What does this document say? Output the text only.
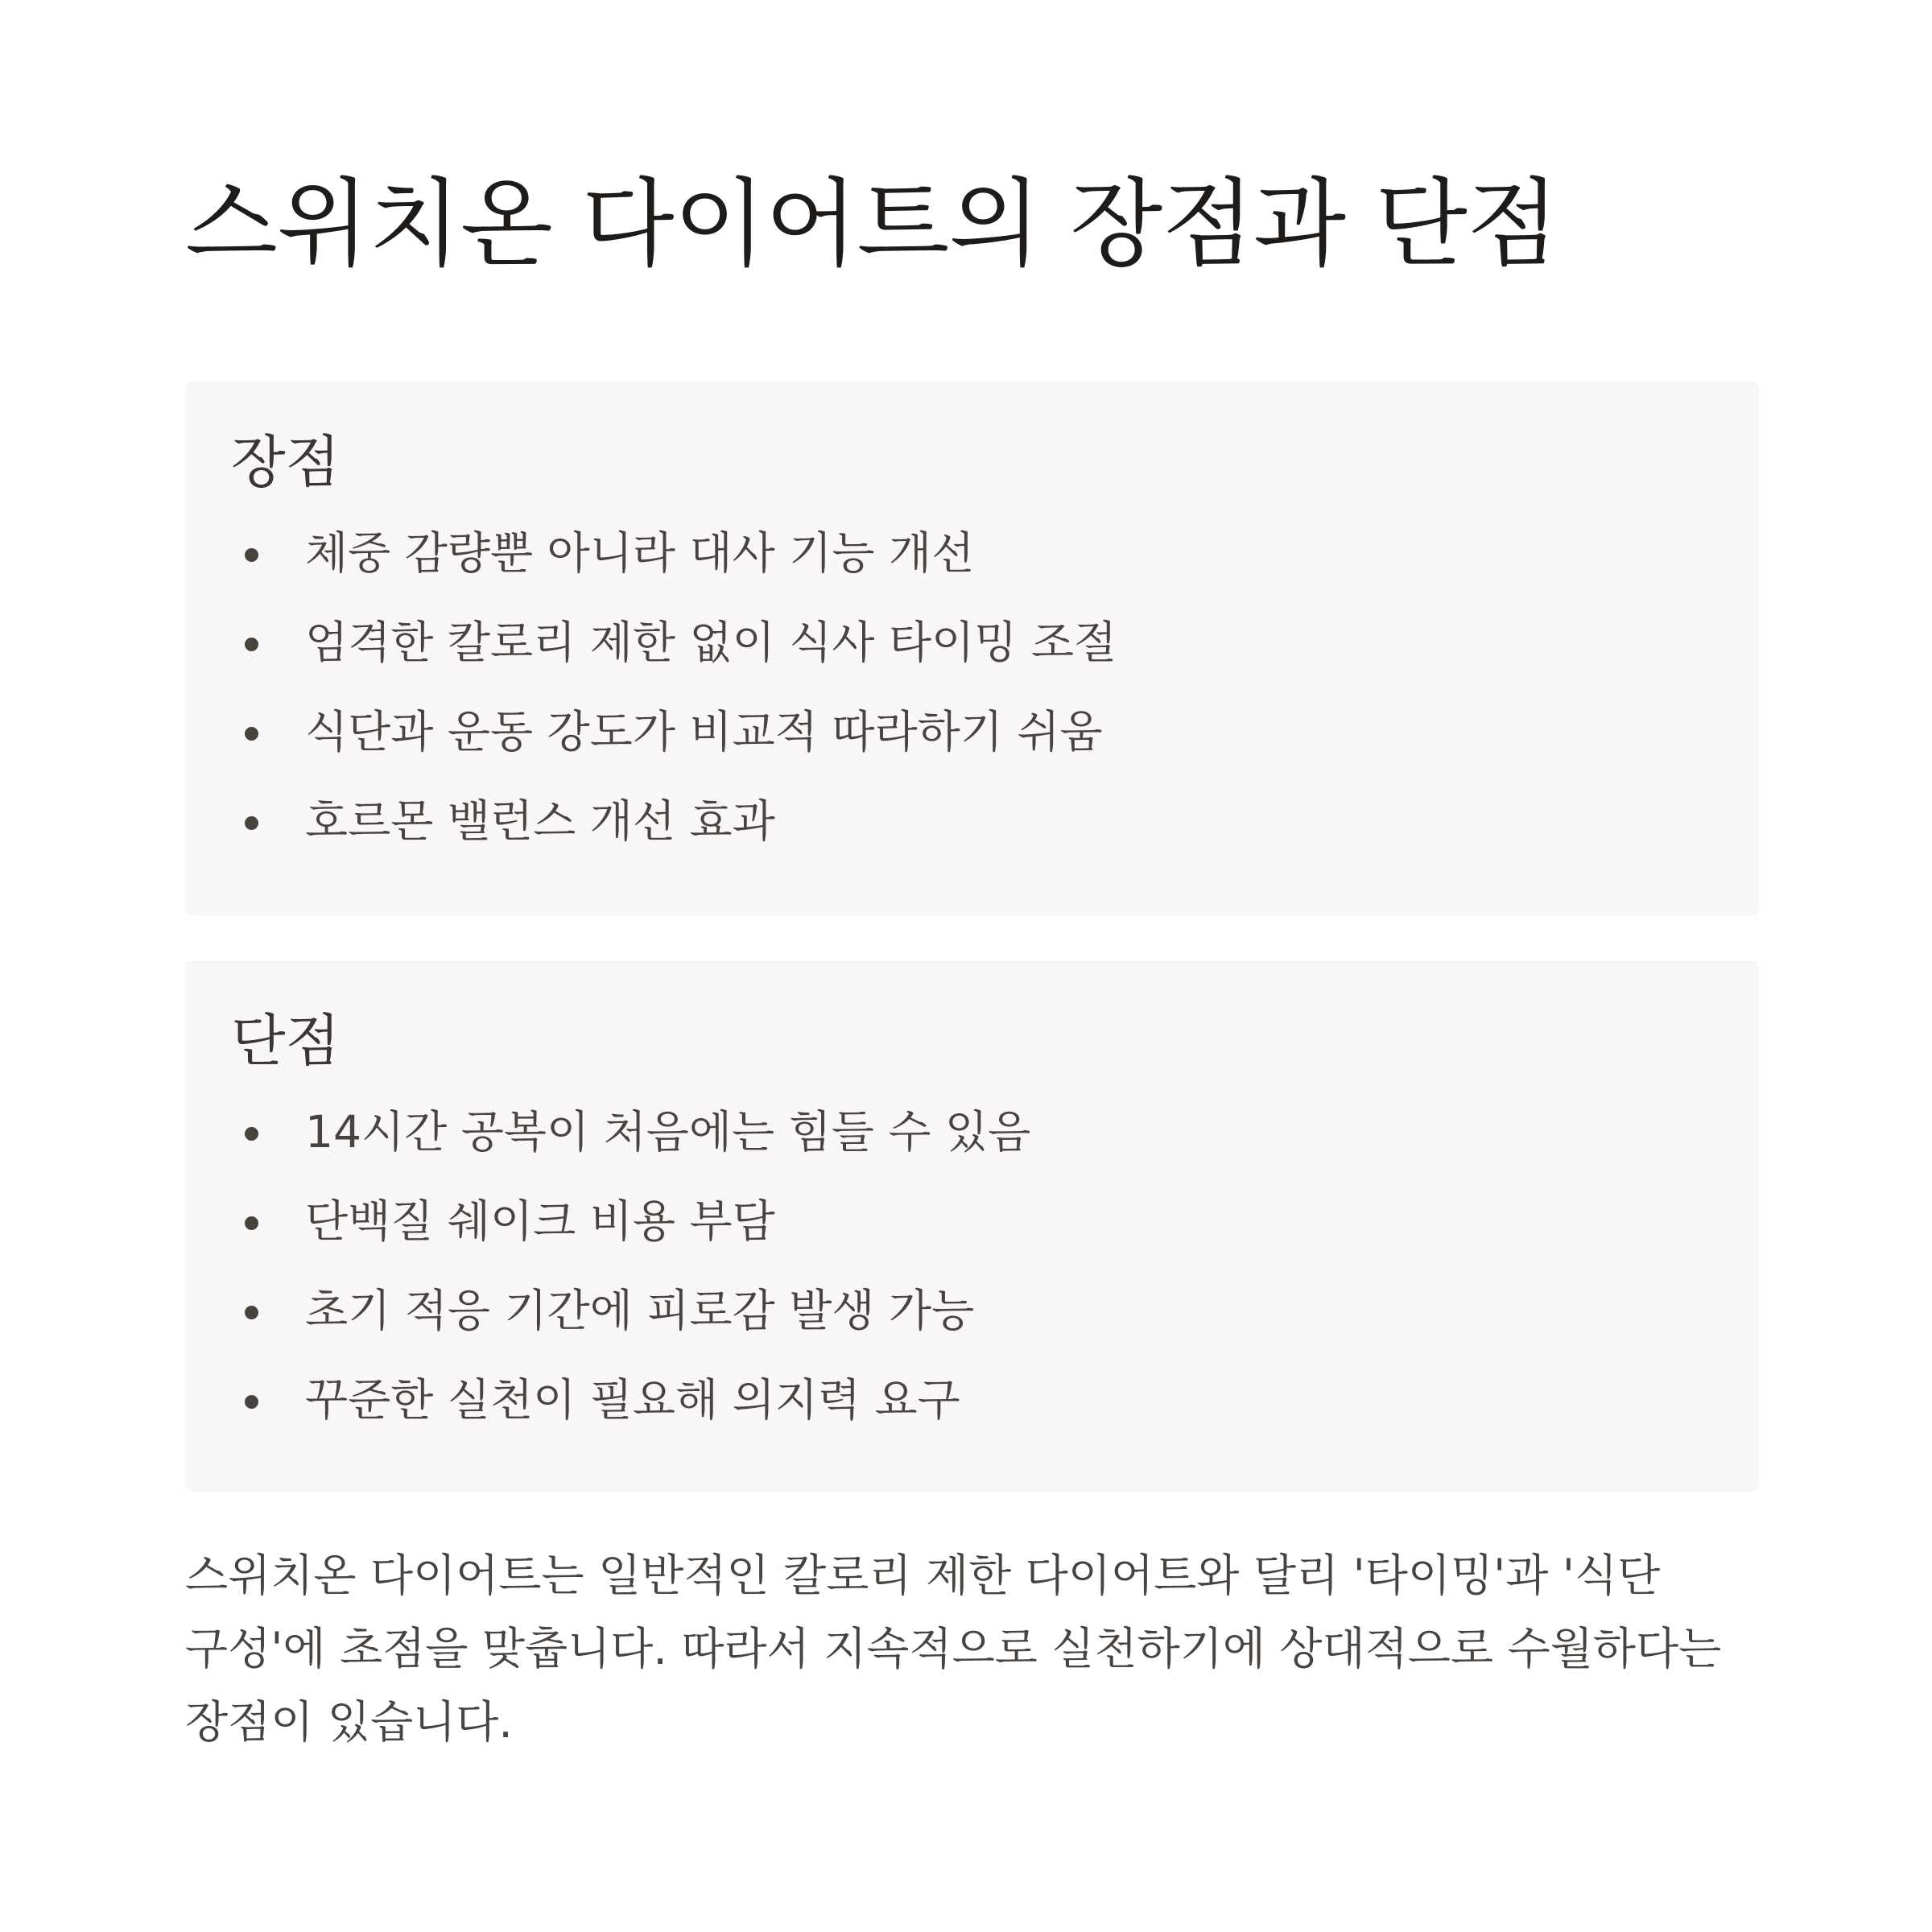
스위치온 다이어트의 장점과 단점
장점
체중 감량뿐 아니라 대사 기능 개선
엄격한 칼로리 제한 없이 식사 타이밍 조절
식단과 운동 강도가 비교적 따라하기 쉬움
호르몬 밸런스 개선 효과
단점
14시간 공복이 처음에는 힘들 수 있음
단백질 쉐이크 비용 부담
초기 적응 기간에 피로감 발생 가능
꾸준한 실천이 필요해 의지력 요구

스위치온 다이어트는 일반적인 칼로리 제한 다이어트와 달리 '타이밍'과 '식단 구성'에 초점을 맞춥니다. 따라서 지속적으로 실천하기에 상대적으로 수월하다는 장점이 있습니다.
